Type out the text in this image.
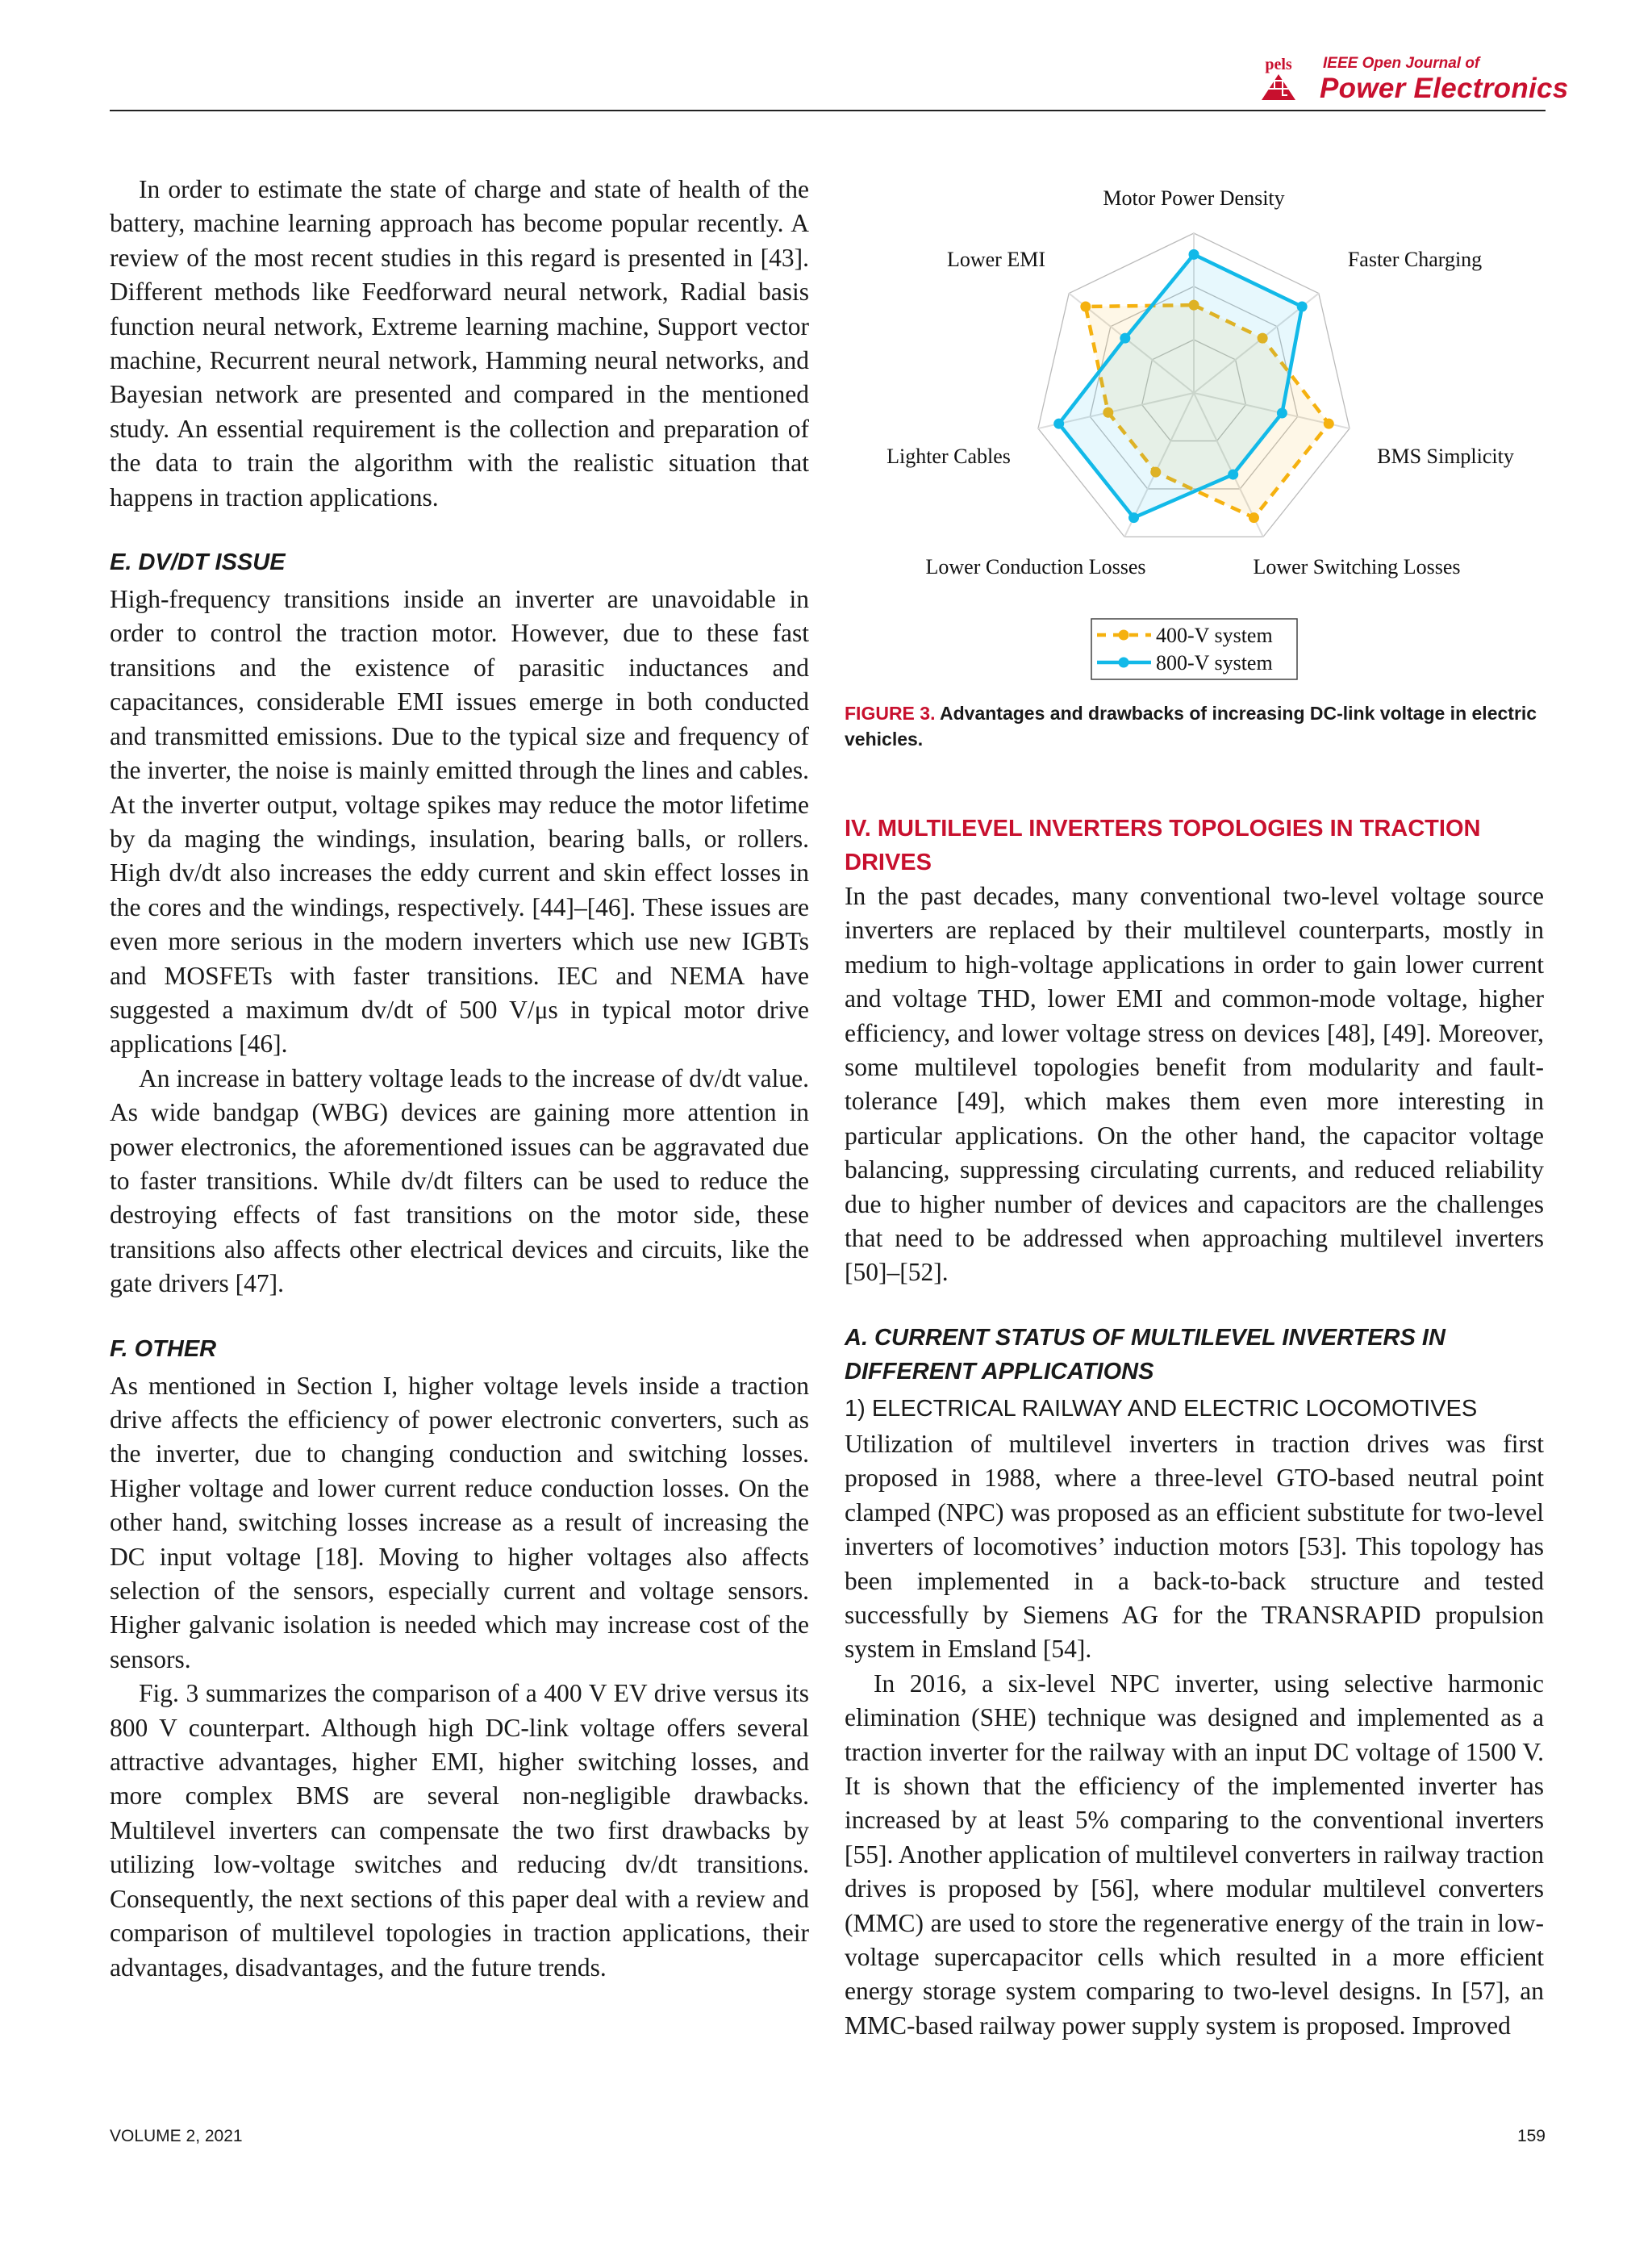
pels IEEE Open Journal of
Power Electronics

In order to estimate the state of charge and state of health of the battery, machine learning approach has become popular recently. A review of the most recent studies in this regard is presented in [43]. Different methods like Feedforward neural network, Radial basis function neural network, Extreme learning machine, Support vector machine, Recurrent neural network, Hamming neural networks, and Bayesian network are presented and compared in the mentioned study. An essential requirement is the collection and preparation of the data to train the algorithm with the realistic situation that happens in traction applications.

E. DV/DT ISSUE

High-frequency transitions inside an inverter are unavoidable in order to control the traction motor. However, due to these fast transitions and the existence of parasitic inductances and capacitances, considerable EMI issues emerge in both conducted and transmitted emissions. Due to the typical size and frequency of the inverter, the noise is mainly emitted through the lines and cables. At the inverter output, voltage spikes may reduce the motor lifetime by da maging the windings, insulation, bearing balls, or rollers. High dv/dt also increases the eddy current and skin effect losses in the cores and the windings, respectively. [44]–[46]. These issues are even more serious in the modern inverters which use new IGBTs and MOSFETs with faster transitions. IEC and NEMA have suggested a maximum dv/dt of 500 V/μs in typical motor drive applications [46].

An increase in battery voltage leads to the increase of dv/dt value. As wide bandgap (WBG) devices are gaining more attention in power electronics, the aforementioned issues can be aggravated due to faster transitions. While dv/dt filters can be used to reduce the destroying effects of fast transitions on the motor side, these transitions also affects other electrical devices and circuits, like the gate drivers [47].

F. OTHER

As mentioned in Section I, higher voltage levels inside a traction drive affects the efficiency of power electronic converters, such as the inverter, due to changing conduction and switching losses. Higher voltage and lower current reduce conduction losses. On the other hand, switching losses increase as a result of increasing the DC input voltage [18]. Moving to higher voltages also affects selection of the sensors, especially current and voltage sensors. Higher galvanic isolation is needed which may increase cost of the sensors.

Fig. 3 summarizes the comparison of a 400 V EV drive versus its 800 V counterpart. Although high DC-link voltage offers several attractive advantages, higher EMI, higher switching losses, and more complex BMS are several non-negligible drawbacks. Multilevel inverters can compensate the two first drawbacks by utilizing low-voltage switches and reducing dv/dt transitions. Consequently, the next sections of this paper deal with a review and comparison of multilevel topologies in traction applications, their advantages, disadvantages, and the future trends.

Motor Power Density
Faster Charging
BMS Simplicity
Lower Switching Losses
Lower Conduction Losses
Lighter Cables
Lower EMI
400-V system
800-V system
FIGURE 3. Advantages and drawbacks of increasing DC-link voltage in electric vehicles.
IV. MULTILEVEL INVERTERS TOPOLOGIES IN TRACTION DRIVES

In the past decades, many conventional two-level voltage source inverters are replaced by their multilevel counterparts, mostly in medium to high-voltage applications in order to gain lower current and voltage THD, lower EMI and common-mode voltage, higher efficiency, and lower voltage stress on devices [48], [49]. Moreover, some multilevel topologies benefit from modularity and fault-tolerance [49], which makes them even more interesting in particular applications. On the other hand, the capacitor voltage balancing, suppressing circulating currents, and reduced reliability due to higher number of devices and capacitors are the challenges that need to be addressed when approaching multilevel inverters [50]–[52].

A. CURRENT STATUS OF MULTILEVEL INVERTERS IN DIFFERENT APPLICATIONS
1) ELECTRICAL RAILWAY AND ELECTRIC LOCOMOTIVES

Utilization of multilevel inverters in traction drives was first proposed in 1988, where a three-level GTO-based neutral point clamped (NPC) was proposed as an efficient substitute for two-level inverters of locomotives’ induction motors [53]. This topology has been implemented in a back-to-back structure and tested successfully by Siemens AG for the TRANSRAPID propulsion system in Emsland [54].

In 2016, a six-level NPC inverter, using selective harmonic elimination (SHE) technique was designed and implemented as a traction inverter for the railway with an input DC voltage of 1500 V. It is shown that the efficiency of the implemented inverter has increased by at least 5% comparing to the conventional inverters [55]. Another application of multilevel converters in railway traction drives is proposed by [56], where modular multilevel converters (MMC) are used to store the regenerative energy of the train in low-voltage supercapacitor cells which resulted in a more efficient energy storage system comparing to two-level designs. In [57], an MMC-based railway power supply system is proposed. Improved

VOLUME 2, 2021	159
